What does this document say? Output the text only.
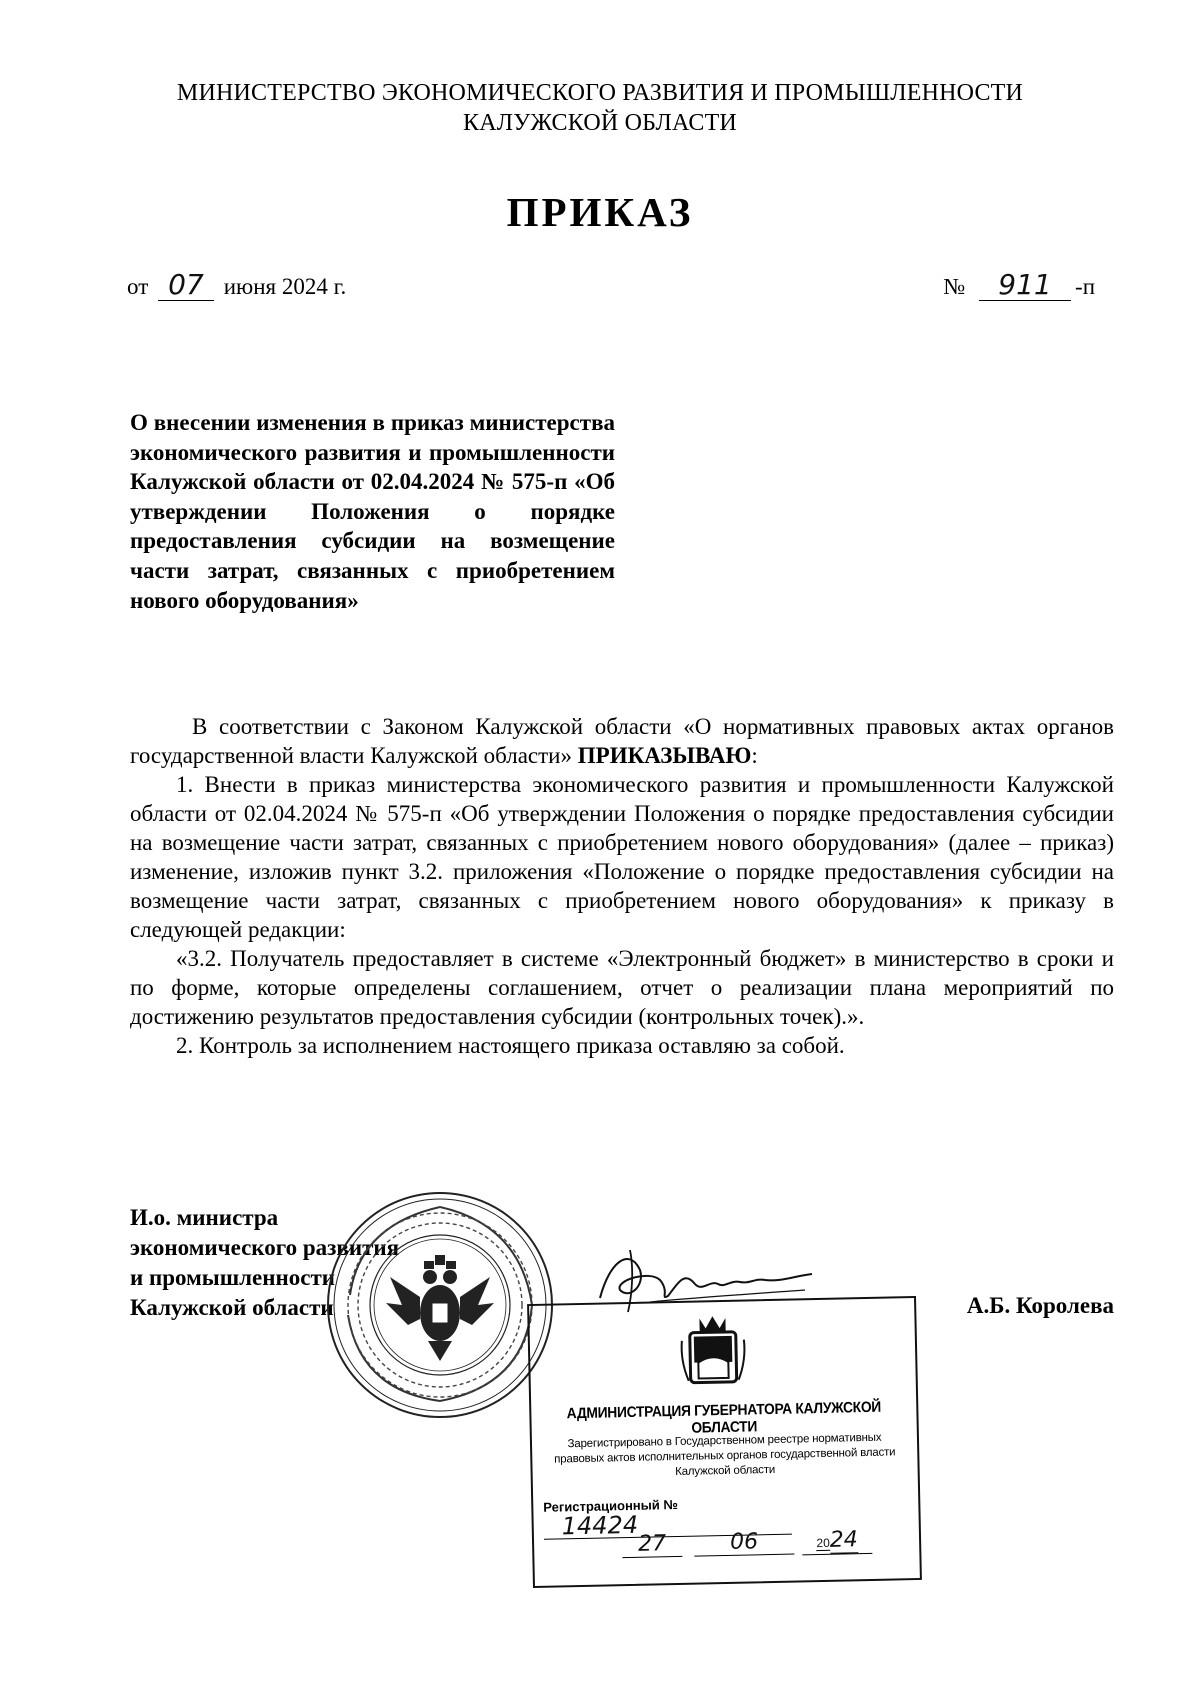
МИНИСТЕРСТВО ЭКОНОМИЧЕСКОГО РАЗВИТИЯ И ПРОМЫШЛЕННОСТИ
КАЛУЖСКОЙ ОБЛАСТИ
ПРИКАЗ
от 07 июня 2024 г.	№ 911 -п
О внесении изменения в приказ министерства экономического развития и промышленности Калужской области от 02.04.2024 № 575-п «Об утверждении Положения о порядке предоставления субсидии на возмещение части затрат, связанных с приобретением нового оборудования»

В соответствии с Законом Калужской области «О нормативных правовых актах органов государственной власти Калужской области» ПРИКАЗЫВАЮ:

1. Внести в приказ министерства экономического развития и промышленности Калужской области от 02.04.2024 № 575-п «Об утверждении Положения о порядке предоставления субсидии на возмещение части затрат, связанных с приобретением нового оборудования» (далее – приказ) изменение, изложив пункт 3.2. приложения «Положение о порядке предоставления субсидии на возмещение части затрат, связанных с приобретением нового оборудования» к приказу в следующей редакции:

«3.2. Получатель предоставляет в системе «Электронный бюджет» в министерство в сроки и по форме, которые определены соглашением, отчет о реализации плана мероприятий по достижению результатов предоставления субсидии (контрольных точек).».

2. Контроль за исполнением настоящего приказа оставляю за собой.

И.о. министра
экономического развития
и промышленности
Калужской области	А.Б. Королева
АДМИНИСТРАЦИЯ ГУБЕРНАТОРА КАЛУЖСКОЙ ОБЛАСТИ
Зарегистрировано в Государственном реестре нормативных правовых актов исполнительных органов государственной власти Калужской области
Регистрационный № 14424
27	06	2024
